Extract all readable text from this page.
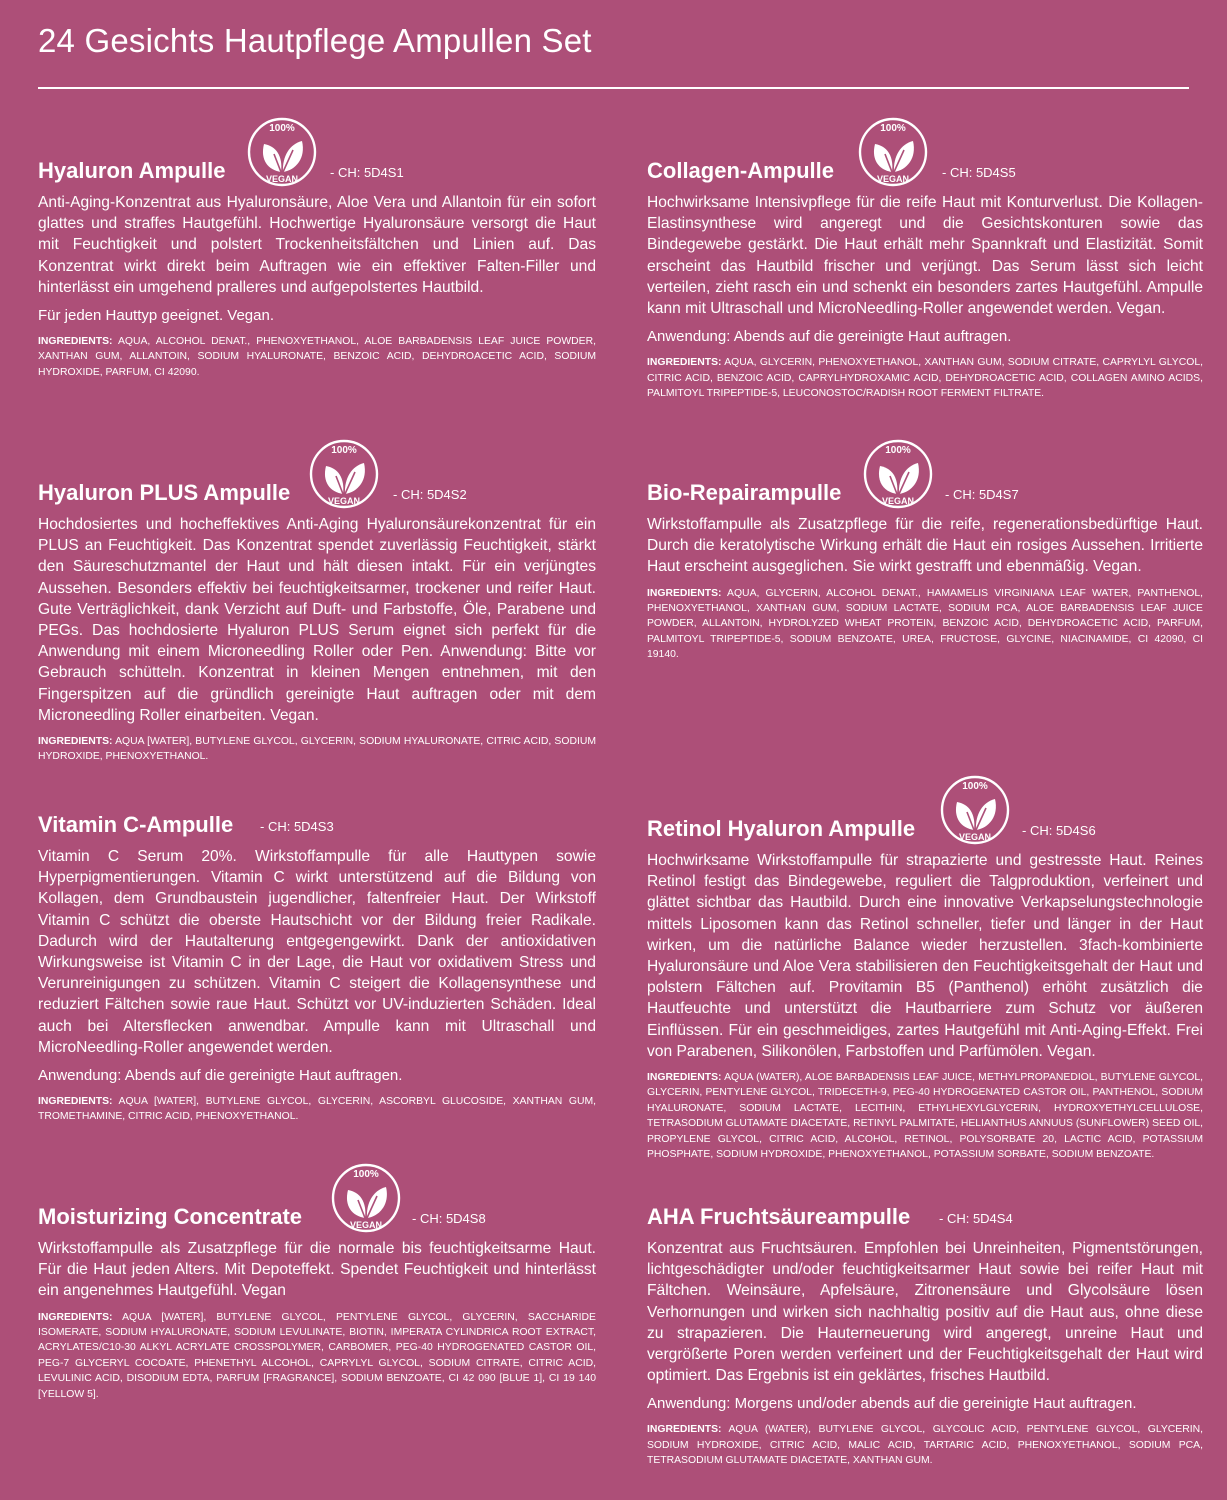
24 Gesichts Hautpflege Ampullen Set
Hyaluron Ampulle
100%
VEGAN - CH: 5D4S1

Anti-Aging-Konzentrat aus Hyaluronsäure, Aloe Vera und Allantoin für ein sofort glattes und straffes Hautgefühl. Hochwertige Hyaluronsäure versorgt die Haut mit Feuchtigkeit und polstert Trockenheitsfältchen und Linien auf. Das Konzentrat wirkt direkt beim Auftragen wie ein effektiver Falten-Filler und hinterlässt ein umgehend pralleres und aufgepolstertes Hautbild.

Für jeden Hauttyp geeignet. Vegan.

INGREDIENTS: AQUA, ALCOHOL DENAT., PHENOXYETHANOL, ALOE BARBADENSIS LEAF JUICE POWDER, XANTHAN GUM, ALLANTOIN, SODIUM HYALURONATE, BENZOIC ACID, DEHYDROACETIC ACID, SODIUM HYDROXIDE, PARFUM, CI 42090.

Hyaluron PLUS Ampulle
100%
VEGAN	- CH: 5D4S2

Hochdosiertes und hocheffektives Anti-Aging Hyaluronsäurekonzentrat für ein PLUS an Feuchtigkeit. Das Konzentrat spendet zuverlässig Feuchtigkeit, stärkt den Säureschutzmantel der Haut und hält diesen intakt. Für ein verjüngtes Aussehen. Besonders effektiv bei feuchtigkeitsarmer, trockener und reifer Haut. Gute Verträglichkeit, dank Verzicht auf Duft- und Farbstoffe, Öle, Parabene und PEGs. Das hochdosierte Hyaluron PLUS Serum eignet sich perfekt für die Anwendung mit einem Microneedling Roller oder Pen. Anwendung: Bitte vor Gebrauch schütteln. Konzentrat in kleinen Mengen entnehmen, mit den Fingerspitzen auf die gründlich gereinigte Haut auftragen oder mit dem Microneedling Roller einarbeiten. Vegan.

INGREDIENTS: AQUA [WATER], BUTYLENE GLYCOL, GLYCERIN, SODIUM HYALURONATE, CITRIC ACID, SODIUM HYDROXIDE, PHENOXYETHANOL.

Vitamin C-Ampulle - CH: 5D4S3

Vitamin C Serum 20%. Wirkstoffampulle für alle Hauttypen sowie Hyperpigmentierungen. Vitamin C wirkt unterstützend auf die Bildung von Kollagen, dem Grundbaustein jugendlicher, faltenfreier Haut. Der Wirkstoff Vitamin C schützt die oberste Hautschicht vor der Bildung freier Radikale. Dadurch wird der Hautalterung entgegengewirkt. Dank der antioxidativen Wirkungsweise ist Vitamin C in der Lage, die Haut vor oxidativem Stress und Verunreinigungen zu schützen. Vitamin C steigert die Kollagensynthese und reduziert Fältchen sowie raue Haut. Schützt vor UV-induzierten Schäden. Ideal auch bei Altersflecken anwendbar. Ampulle kann mit Ultraschall und MicroNeedling-Roller angewendet werden.

Anwendung: Abends auf die gereinigte Haut auftragen.

INGREDIENTS: AQUA [WATER], BUTYLENE GLYCOL, GLYCERIN, ASCORBYL GLUCOSIDE, XANTHAN GUM, TROMETHAMINE, CITRIC ACID, PHENOXYETHANOL.

Moisturizing Concentrate
100%
VEGAN - CH: 5D4S8

Wirkstoffampulle als Zusatzpflege für die normale bis feuchtigkeitsarme Haut. Für die Haut jeden Alters. Mit Depoteffekt. Spendet Feuchtigkeit und hinterlässt ein angenehmes Hautgefühl. Vegan

INGREDIENTS: AQUA [WATER], BUTYLENE GLYCOL, PENTYLENE GLYCOL, GLYCERIN, SACCHARIDE ISOMERATE, SODIUM HYALURONATE, SODIUM LEVULINATE, BIOTIN, IMPERATA CYLINDRICA ROOT EXTRACT, ACRYLATES/C10-30 ALKYL ACRYLATE CROSSPOLYMER, CARBOMER, PEG-40 HYDROGENATED CASTOR OIL, PEG-7 GLYCERYL COCOATE, PHENETHYL ALCOHOL, CAPRYLYL GLYCOL, SODIUM CITRATE, CITRIC ACID, LEVULINIC ACID, DISODIUM EDTA, PARFUM [FRAGRANCE], SODIUM BENZOATE, CI 42 090 [BLUE 1], CI 19 140 [YELLOW 5].

Collagen-Ampulle
100%
VEGAN	- CH: 5D4S5

Hochwirksame Intensivpflege für die reife Haut mit Konturverlust. Die Kollagen-Elastinsynthese wird angeregt und die Gesichtskonturen sowie das Bindegewebe gestärkt. Die Haut erhält mehr Spannkraft und Elastizität. Somit erscheint das Hautbild frischer und verjüngt. Das Serum lässt sich leicht verteilen, zieht rasch ein und schenkt ein besonders zartes Hautgefühl. Ampulle kann mit Ultraschall und MicroNeedling-Roller angewendet werden. Vegan.

Anwendung: Abends auf die gereinigte Haut auftragen.

INGREDIENTS: AQUA, GLYCERIN, PHENOXYETHANOL, XANTHAN GUM, SODIUM CITRATE, CAPRYLYL GLYCOL, CITRIC ACID, BENZOIC ACID, CAPRYLHYDROXAMIC ACID, DEHYDROACETIC ACID, COLLAGEN AMINO ACIDS, PALMITOYL TRIPEPTIDE-5, LEUCONOSTOC/RADISH ROOT FERMENT FILTRATE.

Bio-Repairampulle
100%
VEGAN - CH: 5D4S7

Wirkstoffampulle als Zusatzpflege für die reife, regenerationsbedürftige Haut. Durch die keratolytische Wirkung erhält die Haut ein rosiges Aussehen. Irritierte Haut erscheint ausgeglichen. Sie wirkt gestrafft und ebenmäßig. Vegan.

INGREDIENTS: AQUA, GLYCERIN, ALCOHOL DENAT., HAMAMELIS VIRGINIANA LEAF WATER, PANTHENOL, PHENOXYETHANOL, XANTHAN GUM, SODIUM LACTATE, SODIUM PCA, ALOE BARBADENSIS LEAF JUICE POWDER, ALLANTOIN, HYDROLYZED WHEAT PROTEIN, BENZOIC ACID, DEHYDROACETIC ACID, PARFUM, PALMITOYL TRIPEPTIDE-5, SODIUM BENZOATE, UREA, FRUCTOSE, GLYCINE, NIACINAMIDE, CI 42090, CI 19140.

Retinol Hyaluron Ampulle
100%
VEGAN - CH: 5D4S6

Hochwirksame Wirkstoffampulle für strapazierte und gestresste Haut. Reines Retinol festigt das Bindegewebe, reguliert die Talgproduktion, verfeinert und glättet sichtbar das Hautbild. Durch eine innovative Verkapselungstechnologie mittels Liposomen kann das Retinol schneller, tiefer und länger in der Haut wirken, um die natürliche Balance wieder herzustellen. 3fach-kombinierte Hyaluronsäure und Aloe Vera stabilisieren den Feuchtigkeitsgehalt der Haut und polstern Fältchen auf. Provitamin B5 (Panthenol) erhöht zusätzlich die Hautfeuchte und unterstützt die Hautbarriere zum Schutz vor äußeren Einflüssen. Für ein geschmeidiges, zartes Hautgefühl mit Anti-Aging-Effekt. Frei von Parabenen, Silikonölen, Farbstoffen und Parfümölen. Vegan.

INGREDIENTS: AQUA (WATER), ALOE BARBADENSIS LEAF JUICE, METHYLPROPANEDIOL, BUTYLENE GLYCOL, GLYCERIN, PENTYLENE GLYCOL, TRIDECETH-9, PEG-40 HYDROGENATED CASTOR OIL, PANTHENOL, SODIUM HYALURONATE, SODIUM LACTATE, LECITHIN, ETHYLHEXYLGLYCERIN, HYDROXYETHYLCELLULOSE, TETRASODIUM GLUTAMATE DIACETATE, RETINYL PALMITATE, HELIANTHUS ANNUUS (SUNFLOWER) SEED OIL, PROPYLENE GLYCOL, CITRIC ACID, ALCOHOL, RETINOL, POLYSORBATE 20, LACTIC ACID, POTASSIUM PHOSPHATE, SODIUM HYDROXIDE, PHENOXYETHANOL, POTASSIUM SORBATE, SODIUM BENZOATE.

AHA Fruchtsäureampulle - CH: 5D4S4

Konzentrat aus Fruchtsäuren. Empfohlen bei Unreinheiten, Pigmentstörungen, lichtgeschädigter und/oder feuchtigkeitsarmer Haut sowie bei reifer Haut mit Fältchen. Weinsäure, Apfelsäure, Zitronensäure und Glycolsäure lösen Verhornungen und wirken sich nachhaltig positiv auf die Haut aus, ohne diese zu strapazieren. Die Hauterneuerung wird angeregt, unreine Haut und vergrößerte Poren werden verfeinert und der Feuchtigkeitsgehalt der Haut wird optimiert. Das Ergebnis ist ein geklärtes, frisches Hautbild.

Anwendung: Morgens und/oder abends auf die gereinigte Haut auftragen.

INGREDIENTS: AQUA (WATER), BUTYLENE GLYCOL, GLYCOLIC ACID, PENTYLENE GLYCOL, GLYCERIN, SODIUM HYDROXIDE, CITRIC ACID, MALIC ACID, TARTARIC ACID, PHENOXYETHANOL, SODIUM PCA, TETRASODIUM GLUTAMATE DIACETATE, XANTHAN GUM.
